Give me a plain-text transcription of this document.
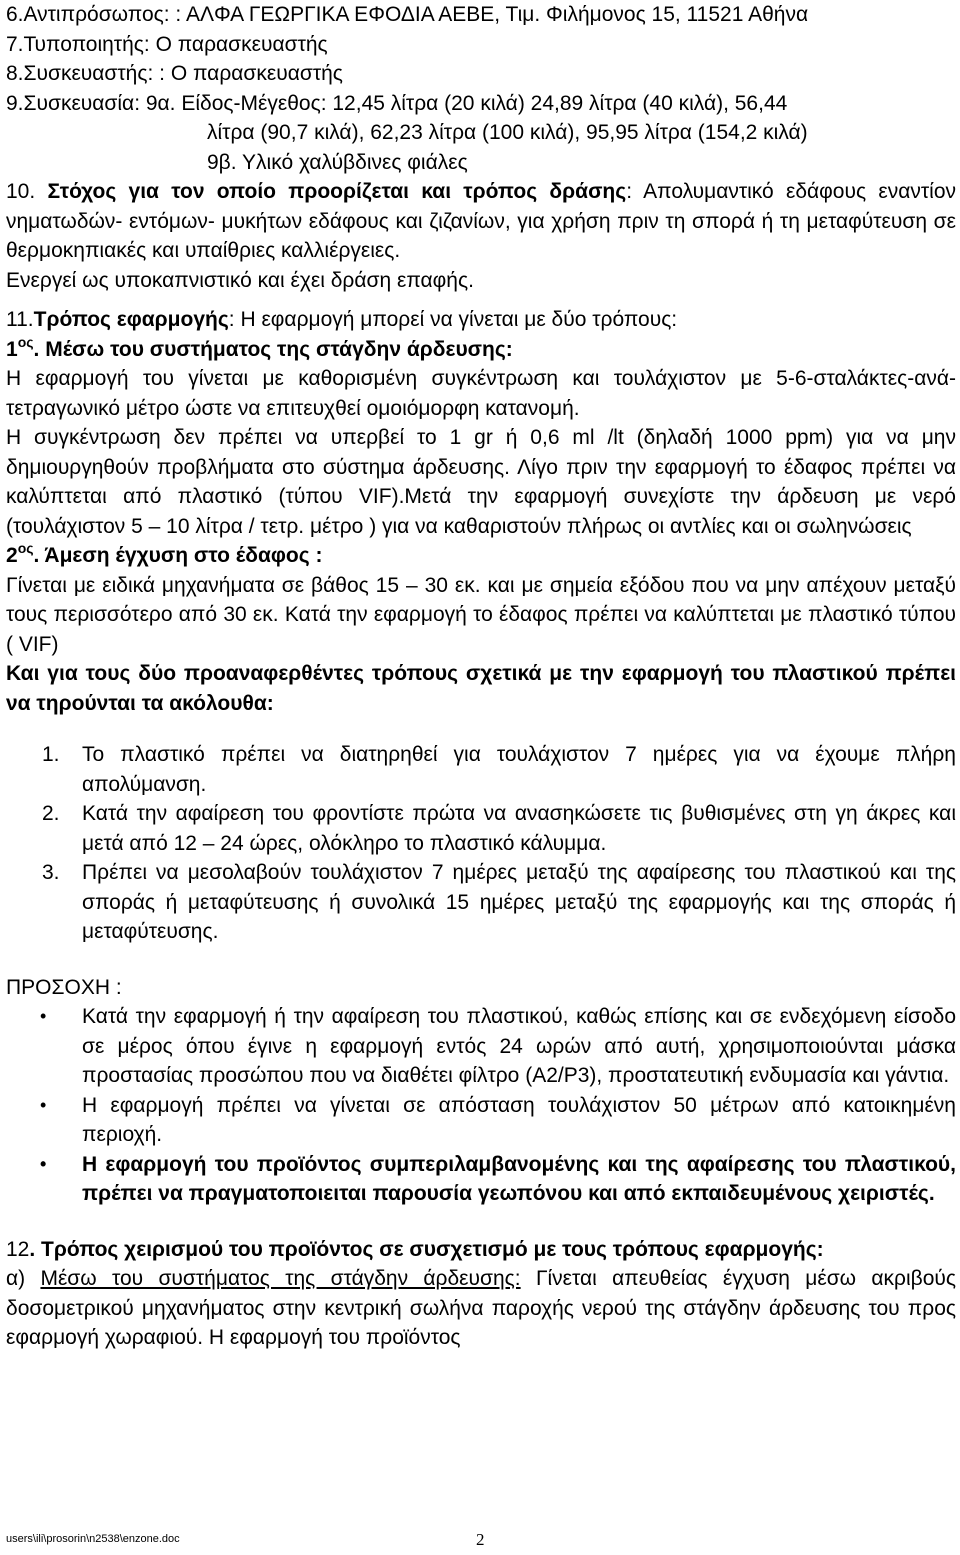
6.Αντιπρόσωπος: : ΑΛΦΑ ΓΕΩΡΓΙΚΑ ΕΦΟΔΙΑ ΑΕΒΕ, Τιμ. Φιλήμονος 15, 11521 Αθήνα

7.Τυποποιητής: Ο παρασκευαστής

8.Συσκευαστής: : Ο παρασκευαστής

9.Συσκευασία: 9α. Είδος-Μέγεθος: 12,45 λίτρα (20 κιλά) 24,89 λίτρα (40 κιλά), 56,44

λίτρα (90,7 κιλά), 62,23 λίτρα (100 κιλά), 95,95 λίτρα (154,2 κιλά)

9β. Υλικό χαλύβδινες φιάλες

10. Στόχος για τον οποίο προορίζεται και τρόπος δράσης: Απολυμαντικό εδάφους εναντίον νηματωδών- εντόμων- μυκήτων εδάφους και ζιζανίων, για χρήση πριν τη σπορά ή τη μεταφύτευση σε θερμοκηπιακές και υπαίθριες καλλιέργειες.

Ενεργεί ως υποκαπνιστικό και έχει δράση επαφής.

11.Τρόπος εφαρμογής: Η εφαρμογή μπορεί να γίνεται με δύο τρόπους:

$1^{o\varsigma}$. Μέσω του συστήματος της στάγδην άρδευσης:

Η εφαρμογή του γίνεται με καθορισμένη συγκέντρωση και τουλάχιστον με 5-6-σταλάκτες-ανά-τετραγωνικό μέτρο ώστε να επιτευχθεί ομοιόμορφη κατανομή.

Η συγκέντρωση δεν πρέπει να υπερβεί το 1 gr ή 0,6 ml /lt (δηλαδή 1000 ppm) για να μην δημιουργηθούν προβλήματα στο σύστημα άρδευσης. Λίγο πριν την εφαρμογή το έδαφος πρέπει να καλύπτεται από πλαστικό (τύπου VIF).Μετά την εφαρμογή συνεχίστε την άρδευση με νερό (τουλάχιστον 5 – 10 λίτρα / τετρ. μέτρο ) για να καθαριστούν πλήρως οι αντλίες και οι σωληνώσεις

$2^{o\varsigma}$. Άμεση έγχυση στο έδαφος :

Γίνεται με ειδικά μηχανήματα σε βάθος 15 – 30 εκ. και με σημεία εξόδου που να μην απέχουν μεταξύ τους περισσότερο από 30 εκ. Κατά την εφαρμογή το έδαφος πρέπει να καλύπτεται με πλαστικό τύπου ( VIF)

Και για τους δύο προαναφερθέντες τρόπους σχετικά με την εφαρμογή του πλαστικού πρέπει να τηρούνται τα ακόλουθα:

1. Το πλαστικό πρέπει να διατηρηθεί για τουλάχιστον 7 ημέρες για να έχουμε πλήρη απολύμανση.
2. Κατά την αφαίρεση του φροντίστε πρώτα να ανασηκώσετε τις βυθισμένες στη γη άκρες και μετά από 12 – 24 ώρες, ολόκληρο το πλαστικό κάλυμμα.
3. Πρέπει να μεσολαβούν τουλάχιστον 7 ημέρες μεταξύ της αφαίρεσης του πλαστικού και της σποράς ή μεταφύτευσης ή συνολικά 15 ημέρες μεταξύ της εφαρμογής και της σποράς ή μεταφύτευσης.

ΠΡΟΣΟΧΗ :

• Κατά την εφαρμογή ή την αφαίρεση του πλαστικού, καθώς επίσης και σε ενδεχόμενη είσοδο σε μέρος όπου έγινε η εφαρμογή εντός 24 ωρών από αυτή, χρησιμοποιούνται μάσκα προστασίας προσώπου που να διαθέτει φίλτρο (A2/P3), προστατευτική ενδυμασία και γάντια.
• Η εφαρμογή πρέπει να γίνεται σε απόσταση τουλάχιστον 50 μέτρων από κατοικημένη περιοχή.
• Η εφαρμογή του προϊόντος συμπεριλαμβανομένης και της αφαίρεσης του πλαστικού, πρέπει να πραγματοποιειται παρουσία γεωπόνου και από εκπαιδευμένους χειριστές.

12. Τρόπος χειρισμού του προϊόντος σε συσχετισμό με τους τρόπους εφαρμογής:

α) Μέσω του συστήματος της στάγδην άρδευσης: Γίνεται απευθείας έγχυση μέσω ακριβούς δοσομετρικού μηχανήματος στην κεντρική σωλήνα παροχής νερού της στάγδην άρδευσης του προς εφαρμογή χωραφιού. Η εφαρμογή του προϊόντος

users\ili\prosorin\n2538\enzone.doc	2
